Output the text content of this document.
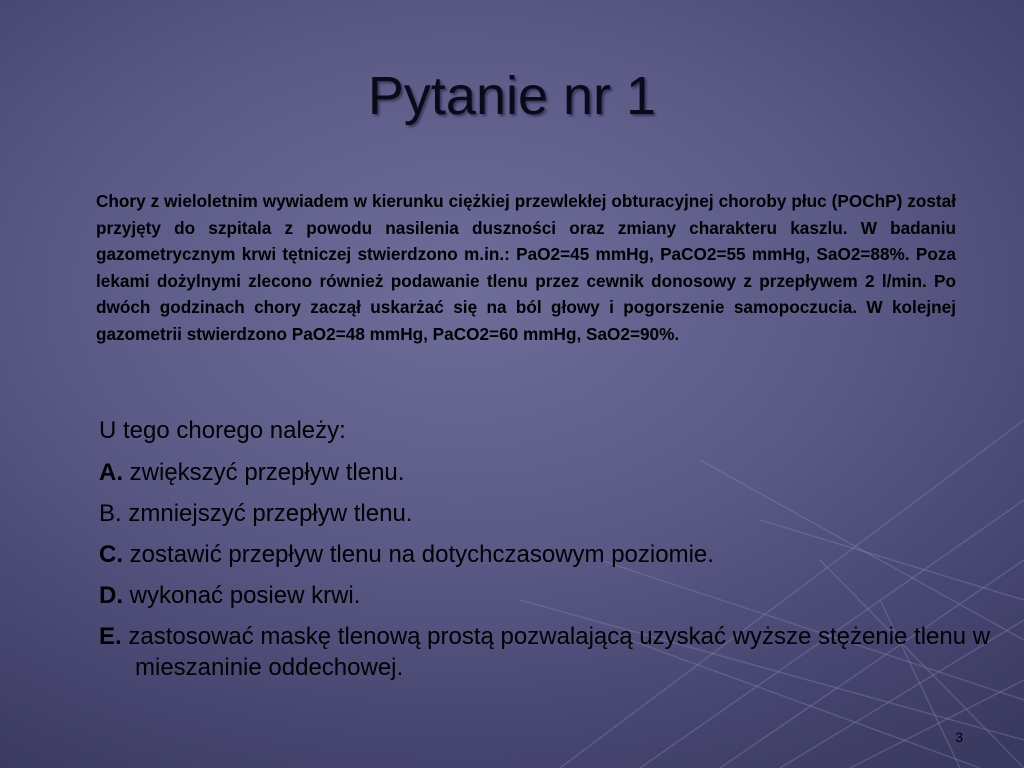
Pytanie nr 1
Chory z wieloletnim wywiadem w kierunku ciężkiej przewlekłej obturacyjnej choroby płuc (POChP) został przyjęty do szpitala z powodu nasilenia duszności oraz zmiany charakteru kaszlu. W badaniu gazometrycznym krwi tętniczej stwierdzono m.in.: PaO2=45 mmHg, PaCO2=55 mmHg, SaO2=88%. Poza lekami dożylnymi zlecono również podawanie tlenu przez cewnik donosowy z przepływem 2 l/min. Po dwóch godzinach chory zaczął uskarżać się na ból głowy i pogorszenie samopoczucia. W kolejnej gazometrii stwierdzono PaO2=48 mmHg, PaCO2=60 mmHg, SaO2=90%.
U tego chorego należy:
A. zwiększyć przepływ tlenu.
B. zmniejszyć przepływ tlenu.
C. zostawić przepływ tlenu na dotychczasowym poziomie.
D. wykonać posiew krwi.
E. zastosować maskę tlenową prostą pozwalającą uzyskać wyższe stężenie tlenu w mieszaninie oddechowej.
3
